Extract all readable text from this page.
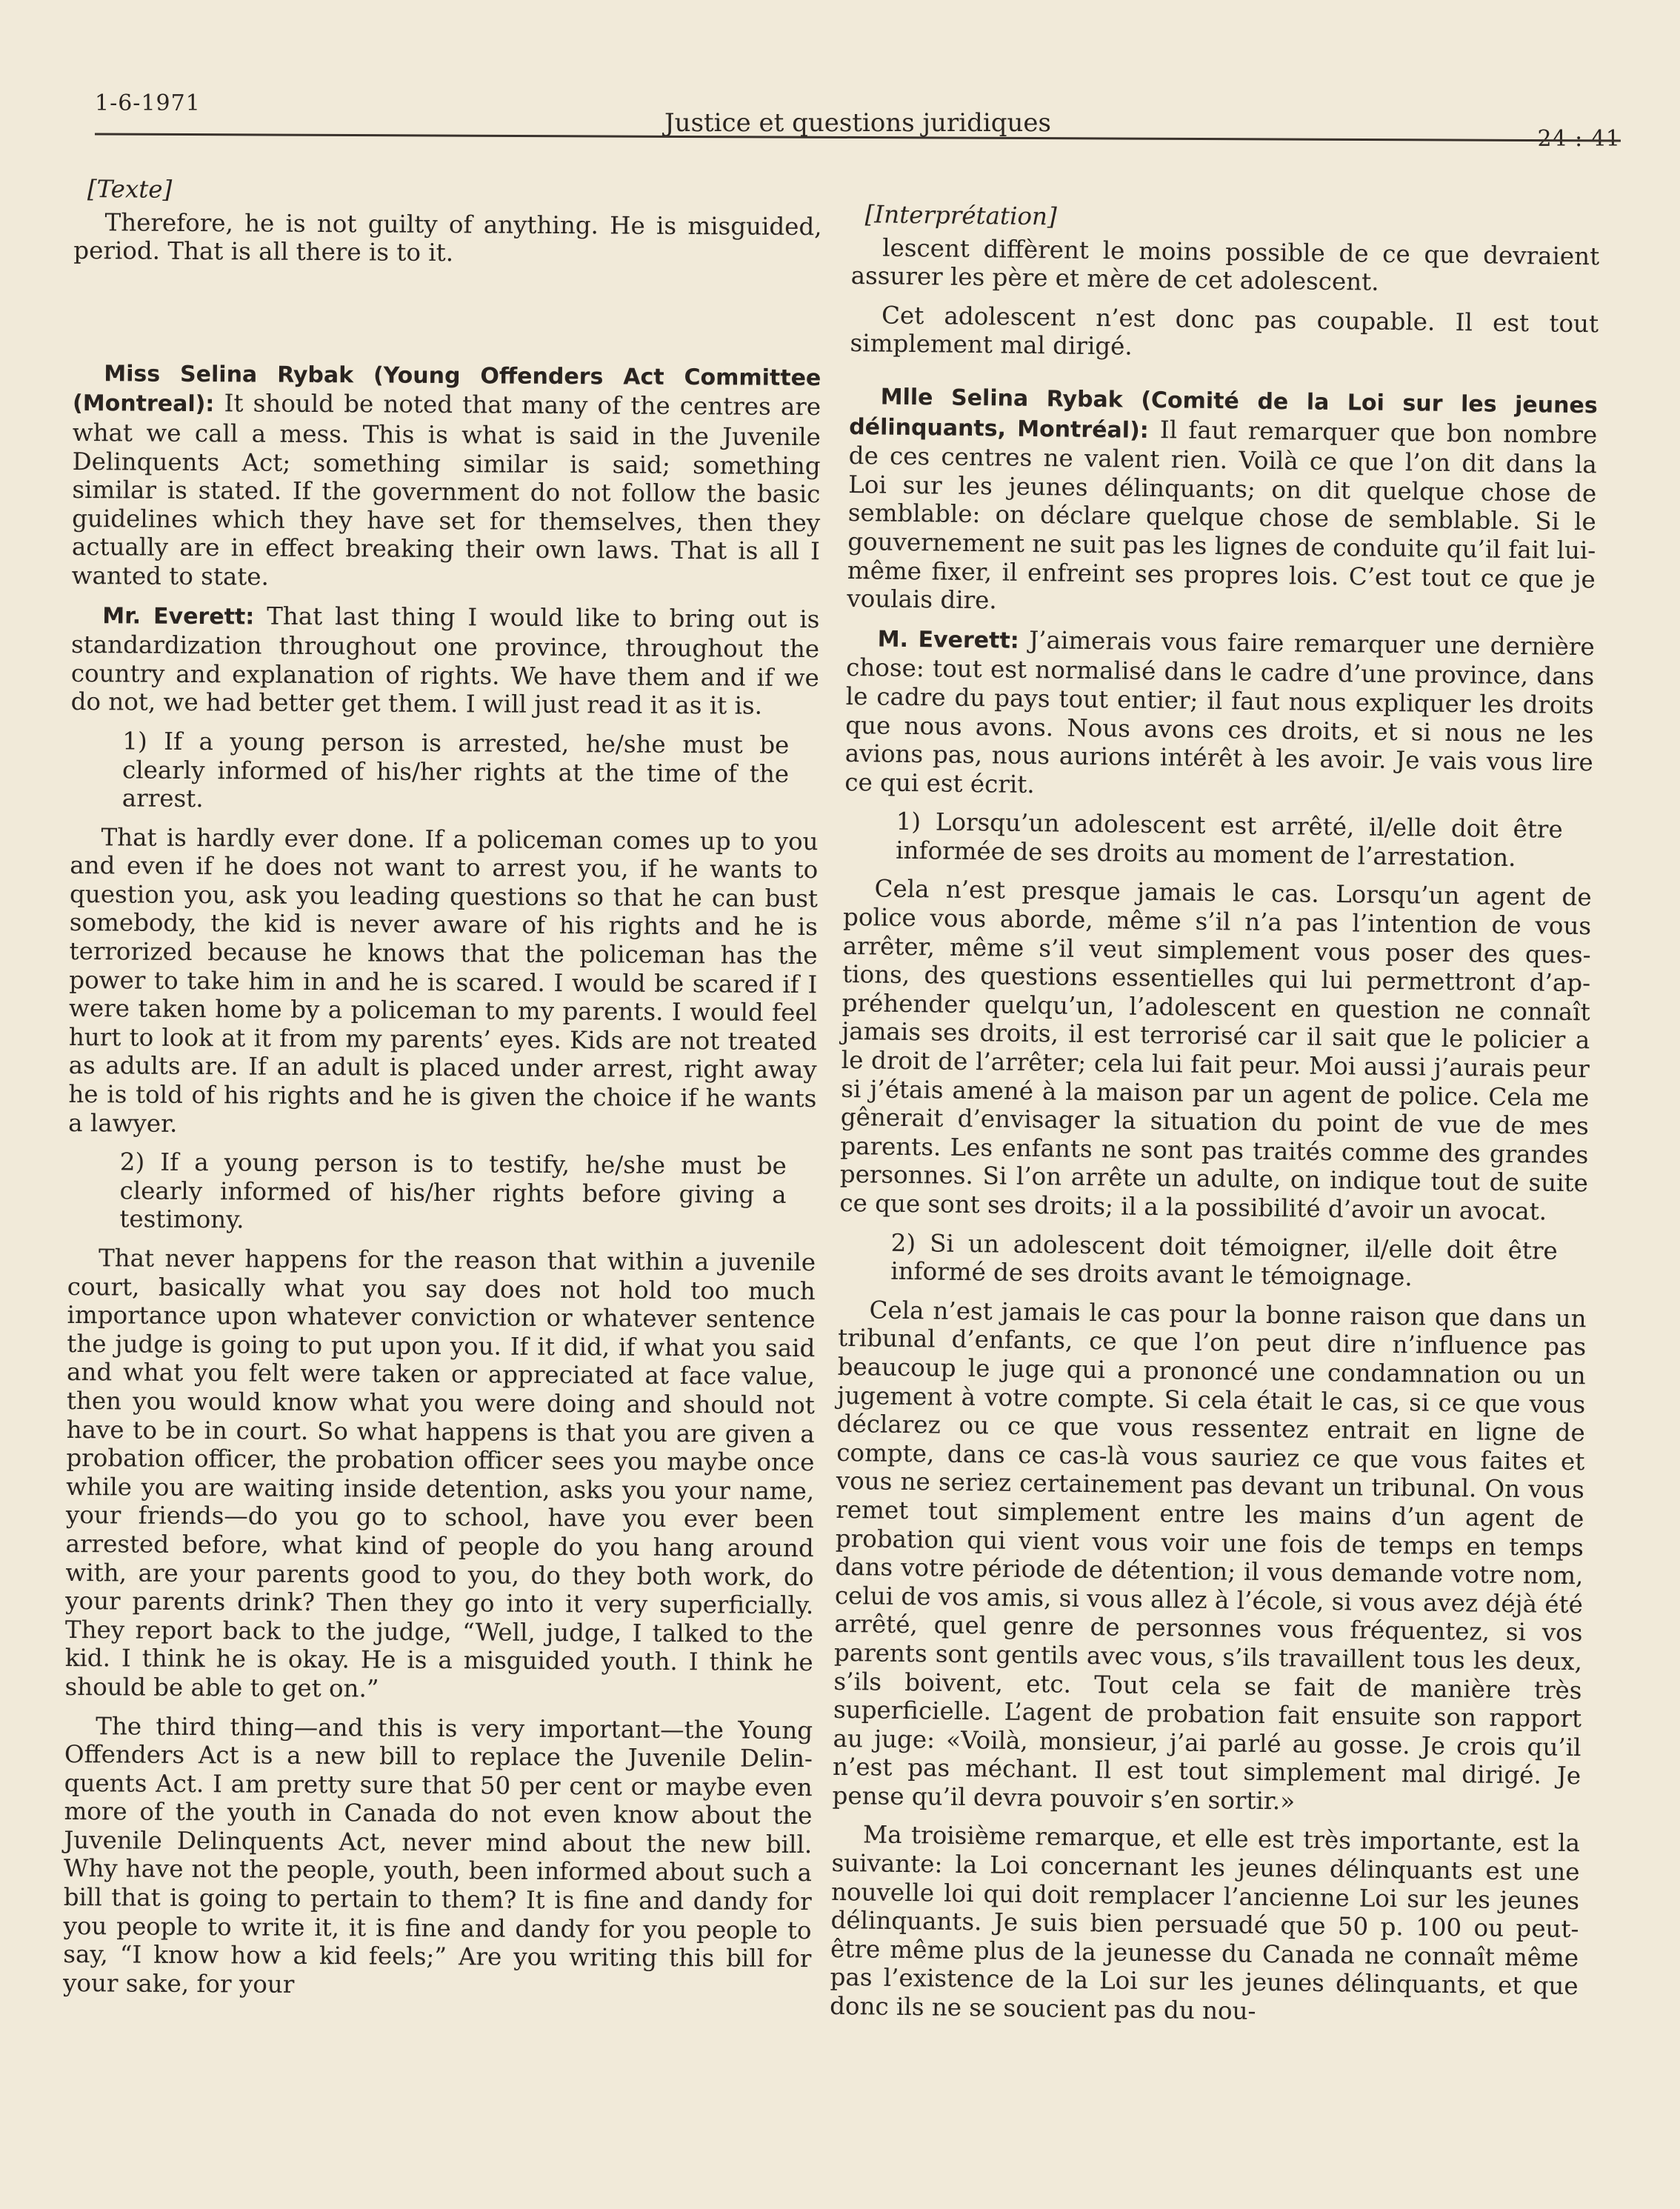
1-6-1971
Justice et questions juridiques
24 : 41
[Texte]

Therefore, he is not guilty of anything. He is misguided, period. That is all there is to it.

Miss Selina Rybak (Young Offenders Act Committee (Montreal): It should be noted that many of the centres are what we call a mess. This is what is said in the Juvenile Delinquents Act; something similar is said; something similar is stated. If the government do not follow the basic guidelines which they have set for themselves, then they actually are in effect breaking their own laws. That is all I wanted to state.

Mr. Everett: That last thing I would like to bring out is standardization throughout one province, throughout the country and explanation of rights. We have them and if we do not, we had better get them. I will just read it as it is.

1) If a young person is arrested, he/she must be clearly informed of his/her rights at the time of the arrest.

That is hardly ever done. If a policeman comes up to you and even if he does not want to arrest you, if he wants to question you, ask you leading questions so that he can bust somebody, the kid is never aware of his rights and he is terrorized because he knows that the policeman has the power to take him in and he is scared. I would be scared if I were taken home by a policeman to my parents. I would feel hurt to look at it from my parents’ eyes. Kids are not treated as adults are. If an adult is placed under arrest, right away he is told of his rights and he is given the choice if he wants a lawyer.

2) If a young person is to testify, he/she must be clearly informed of his/her rights before giving a testimony.

That never happens for the reason that within a juvenile court, basically what you say does not hold too much importance upon whatever conviction or whatever sentence the judge is going to put upon you. If it did, if what you said and what you felt were taken or appreciated at face value, then you would know what you were doing and should not have to be in court. So what happens is that you are given a probation officer, the probation officer sees you maybe once while you are waiting inside detention, asks you your name, your friends—do you go to school, have you ever been arrested before, what kind of people do you hang around with, are your parents good to you, do they both work, do your parents drink? Then they go into it very superficially. They report back to the judge, “Well, judge, I talked to the kid. I think he is okay. He is a misguided youth. I think he should be able to get on.”

The third thing—and this is very important—the Young Offenders Act is a new bill to replace the Juvenile Delinquents Act. I am pretty sure that 50 per cent or maybe even more of the youth in Canada do not even know about the Juvenile Delinquents Act, never mind about the new bill. Why have not the people, youth, been informed about such a bill that is going to pertain to them? It is fine and dandy for you people to write it, it is fine and dandy for you people to say, “I know how a kid feels;” Are you writing this bill for your sake, for your

[Interprétation]

lescent diffèrent le moins possible de ce que devraient assurer les père et mère de cet adolescent.

Cet adolescent n’est donc pas coupable. Il est tout simplement mal dirigé.

Mlle Selina Rybak (Comité de la Loi sur les jeunes délinquants, Montréal): Il faut remarquer que bon nombre de ces centres ne valent rien. Voilà ce que l’on dit dans la Loi sur les jeunes délinquants; on dit quelque chose de semblable: on déclare quelque chose de semblable. Si le gouvernement ne suit pas les lignes de conduite qu’il fait lui-même fixer, il enfreint ses propres lois. C’est tout ce que je voulais dire.

M. Everett: J’aimerais vous faire remarquer une dernière chose: tout est normalisé dans le cadre d’une province, dans le cadre du pays tout entier; il faut nous expliquer les droits que nous avons. Nous avons ces droits, et si nous ne les avions pas, nous aurions intérêt à les avoir. Je vais vous lire ce qui est écrit.

1) Lorsqu’un adolescent est arrêté, il/elle doit être informée de ses droits au moment de l’arrestation.

Cela n’est presque jamais le cas. Lorsqu’un agent de police vous aborde, même s’il n’a pas l’intention de vous arrêter, même s’il veut simplement vous poser des questions, des questions essentielles qui lui permettront d’appréhender quelqu’un, l’adolescent en question ne connaît jamais ses droits, il est terrorisé car il sait que le policier a le droit de l’arrêter; cela lui fait peur. Moi aussi j’aurais peur si j’étais amené à la maison par un agent de police. Cela me gênerait d’envisager la situation du point de vue de mes parents. Les enfants ne sont pas traités comme des grandes personnes. Si l’on arrête un adulte, on indique tout de suite ce que sont ses droits; il a la possibilité d’avoir un avocat.

2) Si un adolescent doit témoigner, il/elle doit être informé de ses droits avant le témoignage.

Cela n’est jamais le cas pour la bonne raison que dans un tribunal d’enfants, ce que l’on peut dire n’influence pas beaucoup le juge qui a prononcé une condamnation ou un jugement à votre compte. Si cela était le cas, si ce que vous déclarez ou ce que vous ressentez entrait en ligne de compte, dans ce cas-là vous sauriez ce que vous faites et vous ne seriez certainement pas devant un tribunal. On vous remet tout simplement entre les mains d’un agent de probation qui vient vous voir une fois de temps en temps dans votre période de détention; il vous demande votre nom, celui de vos amis, si vous allez à l’école, si vous avez déjà été arrêté, quel genre de personnes vous fréquentez, si vos parents sont gentils avec vous, s’ils travaillent tous les deux, s’ils boivent, etc. Tout cela se fait de manière très superficielle. L’agent de probation fait ensuite son rapport au juge: «Voilà, monsieur, j’ai parlé au gosse. Je crois qu’il n’est pas méchant. Il est tout simplement mal dirigé. Je pense qu’il devra pouvoir s’en sortir.»

Ma troisième remarque, et elle est très importante, est la suivante: la Loi concernant les jeunes délinquants est une nouvelle loi qui doit remplacer l’ancienne Loi sur les jeunes délinquants. Je suis bien persuadé que 50 p. 100 ou peut-être même plus de la jeunesse du Canada ne connaît même pas l’existence de la Loi sur les jeunes délinquants, et que donc ils ne se soucient pas du nou-
